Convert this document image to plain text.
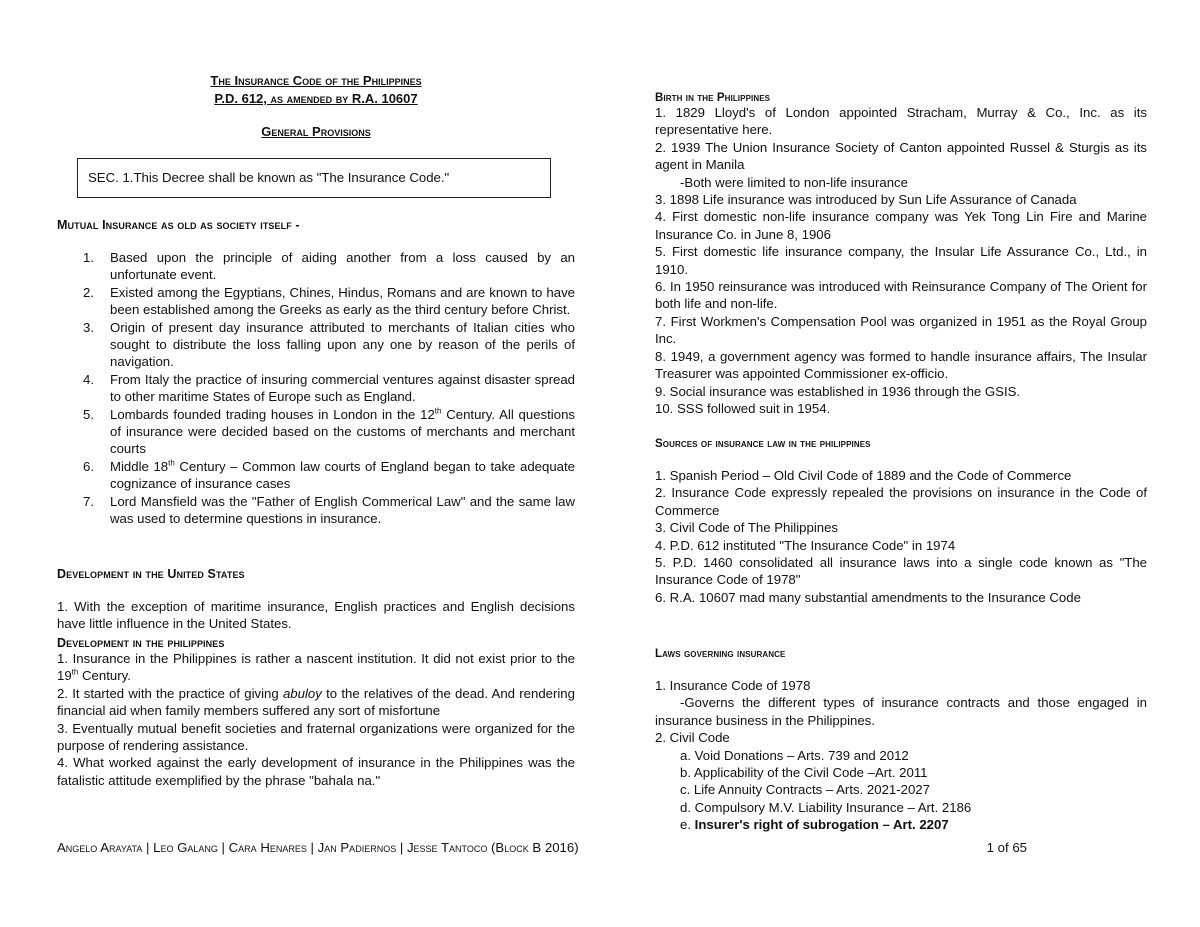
The Insurance Code of the Philippines
P.D. 612, as amended by R.A. 10607
General Provisions
SEC. 1.This Decree shall be known as "The Insurance Code."
Mutual Insurance as old as society itself -
1. Based upon the principle of aiding another from a loss caused by an unfortunate event.
2. Existed among the Egyptians, Chines, Hindus, Romans and are known to have been established among the Greeks as early as the third century before Christ.
3. Origin of present day insurance attributed to merchants of Italian cities who sought to distribute the loss falling upon any one by reason of the perils of navigation.
4. From Italy the practice of insuring commercial ventures against disaster spread to other maritime States of Europe such as England.
5. Lombards founded trading houses in London in the 12th Century. All questions of insurance were decided based on the customs of merchants and merchant courts
6. Middle 18th Century – Common law courts of England began to take adequate cognizance of insurance cases
7. Lord Mansfield was the "Father of English Commerical Law" and the same law was used to determine questions in insurance.
Development in the United States
1. With the exception of maritime insurance, English practices and English decisions have little influence in the United States.
Development in the philippines
1. Insurance in the Philippines is rather a nascent institution. It did not exist prior to the 19th Century.
2. It started with the practice of giving abuloy to the relatives of the dead. And rendering financial aid when family members suffered any sort of misfortune
3. Eventually mutual benefit societies and fraternal organizations were organized for the purpose of rendering assistance.
4. What worked against the early development of insurance in the Philippines was the fatalistic attitude exemplified by the phrase "bahala na."
Birth in the Philippines
1. 1829 Lloyd's of London appointed Stracham, Murray & Co., Inc. as its representative here.
2. 1939 The Union Insurance Society of Canton appointed Russel & Sturgis as its agent in Manila
-Both were limited to non-life insurance
3. 1898 Life insurance was introduced by Sun Life Assurance of Canada
4. First domestic non-life insurance company was Yek Tong Lin Fire and Marine Insurance Co. in June 8, 1906
5. First domestic life insurance company, the Insular Life Assurance Co., Ltd., in 1910.
6. In 1950 reinsurance was introduced with Reinsurance Company of The Orient for both life and non-life.
7. First Workmen's Compensation Pool was organized in 1951 as the Royal Group Inc.
8. 1949, a government agency was formed to handle insurance affairs, The Insular Treasurer was appointed Commissioner ex-officio.
9. Social insurance was established in 1936 through the GSIS.
10. SSS followed suit in 1954.
Sources of insurance law in the philippines
1. Spanish Period – Old Civil Code of 1889 and the Code of Commerce
2. Insurance Code expressly repealed the provisions on insurance in the Code of Commerce
3. Civil Code of The Philippines
4. P.D. 612 instituted "The Insurance Code" in 1974
5. P.D. 1460 consolidated all insurance laws into a single code known as "The Insurance Code of 1978"
6. R.A. 10607 mad many substantial amendments to the Insurance Code
Laws governing insurance
1. Insurance Code of 1978
-Governs the different types of insurance contracts and those engaged in insurance business in the Philippines.
2. Civil Code
a. Void Donations – Arts. 739 and 2012
b. Applicability of the Civil Code –Art. 2011
c. Life Annuity Contracts – Arts. 2021-2027
d. Compulsory M.V. Liability Insurance – Art. 2186
e. Insurer's right of subrogation – Art. 2207
Angelo Arayata | Leo Galang | Cara Henares | Jan Padiernos | Jesse Tantoco (Block B 2016)	1 of 65
